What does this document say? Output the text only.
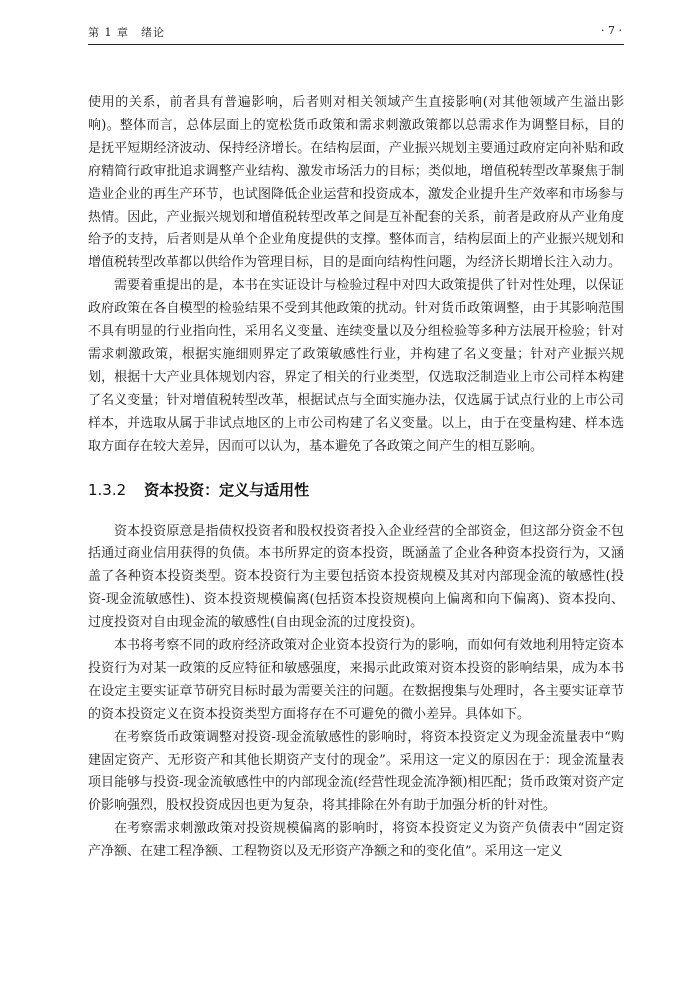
第 1 章　绪论	· 7 ·

使用的关系，前者具有普遍影响，后者则对相关领域产生直接影响(对其他领域产生溢出影响)。整体而言，总体层面上的宽松货币政策和需求刺激政策都以总需求作为调整目标，目的是抚平短期经济波动、保持经济增长。在结构层面，产业振兴规划主要通过政府定向补贴和政府精简行政审批追求调整产业结构、激发市场活力的目标；类似地，增值税转型改革聚焦于制造业企业的再生产环节，也试图降低企业运营和投资成本，激发企业提升生产效率和市场参与热情。因此，产业振兴规划和增值税转型改革之间是互补配套的关系，前者是政府从产业角度给予的支持，后者则是从单个企业角度提供的支撑。整体而言，结构层面上的产业振兴规划和增值税转型改革都以供给作为管理目标，目的是面向结构性问题，为经济长期增长注入动力。

需要着重提出的是，本书在实证设计与检验过程中对四大政策提供了针对性处理，以保证政府政策在各自模型的检验结果不受到其他政策的扰动。针对货币政策调整，由于其影响范围不具有明显的行业指向性，采用名义变量、连续变量以及分组检验等多种方法展开检验；针对需求刺激政策，根据实施细则界定了政策敏感性行业，并构建了名义变量；针对产业振兴规划，根据十大产业具体规划内容，界定了相关的行业类型，仅选取泛制造业上市公司样本构建了名义变量；针对增值税转型改革，根据试点与全面实施办法，仅选属于试点行业的上市公司样本，并选取从属于非试点地区的上市公司构建了名义变量。以上，由于在变量构建、样本选取方面存在较大差异，因而可以认为，基本避免了各政策之间产生的相互影响。

1.3.2 资本投资：定义与适用性

资本投资原意是指债权投资者和股权投资者投入企业经营的全部资金，但这部分资金不包括通过商业信用获得的负债。本书所界定的资本投资，既涵盖了企业各种资本投资行为，又涵盖了各种资本投资类型。资本投资行为主要包括资本投资规模及其对内部现金流的敏感性(投资-现金流敏感性)、资本投资规模偏离(包括资本投资规模向上偏离和向下偏离)、资本投向、过度投资对自由现金流的敏感性(自由现金流的过度投资)。

本书将考察不同的政府经济政策对企业资本投资行为的影响，而如何有效地利用特定资本投资行为对某一政策的反应特征和敏感强度，来揭示此政策对资本投资的影响结果，成为本书在设定主要实证章节研究目标时最为需要关注的问题。在数据搜集与处理时，各主要实证章节的资本投资定义在资本投资类型方面将存在不可避免的微小差异。具体如下。

在考察货币政策调整对投资-现金流敏感性的影响时，将资本投资定义为现金流量表中“购建固定资产、无形资产和其他长期资产支付的现金”。采用这一定义的原因在于：现金流量表项目能够与投资-现金流敏感性中的内部现金流(经营性现金流净额)相匹配；货币政策对资产定价影响强烈，股权投资成因也更为复杂，将其排除在外有助于加强分析的针对性。

在考察需求刺激政策对投资规模偏离的影响时，将资本投资定义为资产负债表中“固定资产净额、在建工程净额、工程物资以及无形资产净额之和的变化值”。采用这一定义
